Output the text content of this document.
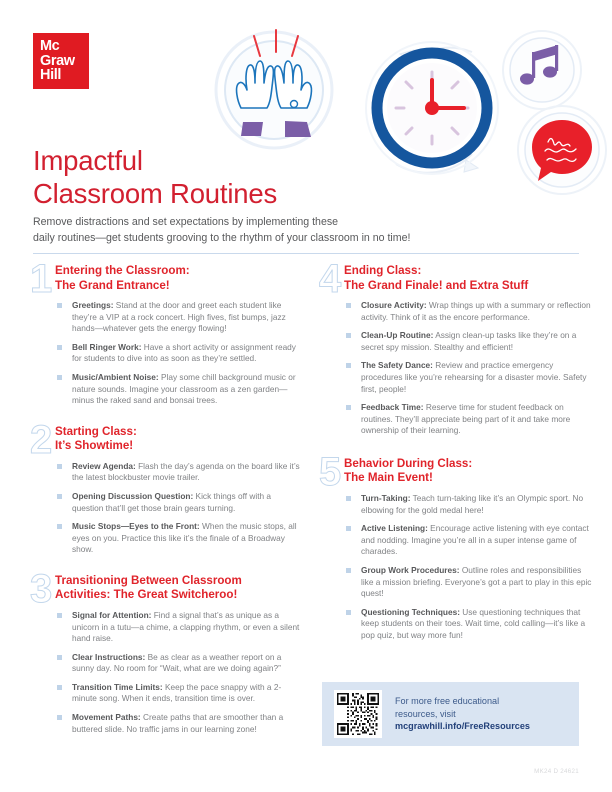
Mc
Graw
Hill
Impactful
Classroom Routines

Remove distractions and set expectations by implementing these
daily routines—get students grooving to the rhythm of your classroom in no time!

1 Entering the Classroom:
The Grand Entrance!
Greetings: Stand at the door and greet each student like they’re a VIP at a rock concert. High fives, fist bumps, jazz hands—whatever gets the energy flowing!
Bell Ringer Work: Have a short activity or assignment ready for students to dive into as soon as they’re settled.
Music/Ambient Noise: Play some chill background music or nature sounds. Imagine your classroom as a zen garden—minus the raked sand and bonsai trees.
2 Starting Class:
It’s Showtime!
Review Agenda: Flash the day’s agenda on the board like it’s the latest blockbuster movie trailer.
Opening Discussion Question: Kick things off with a question that’ll get those brain gears turning.
Music Stops—Eyes to the Front: When the music stops, all eyes on you. Practice this like it’s the finale of a Broadway show.
3 Transitioning Between Classroom
Activities: The Great Switcheroo!
Signal for Attention: Find a signal that’s as unique as a unicorn in a tutu—a chime, a clapping rhythm, or even a silent hand raise.
Clear Instructions: Be as clear as a weather report on a sunny day. No room for “Wait, what are we doing again?”
Transition Time Limits: Keep the pace snappy with a 2-minute song. When it ends, transition time is over.
Movement Paths: Create paths that are smoother than a buttered slide. No traffic jams in our learning zone!
4 Ending Class:
The Grand Finale! and Extra Stuff
Closure Activity: Wrap things up with a summary or reflection activity. Think of it as the encore performance.
Clean-Up Routine: Assign clean-up tasks like they’re on a secret spy mission. Stealthy and efficient!
The Safety Dance: Review and practice emergency procedures like you’re rehearsing for a disaster movie. Safety first, people!
Feedback Time: Reserve time for student feedback on routines. They’ll appreciate being part of it and take more ownership of their learning.
5 Behavior During Class:
The Main Event!
Turn-Taking: Teach turn-taking like it’s an Olympic sport. No elbowing for the gold medal here!
Active Listening: Encourage active listening with eye contact and nodding. Imagine you’re all in a super intense game of charades.
Group Work Procedures: Outline roles and responsibilities like a mission briefing. Everyone’s got a part to play in this epic quest!
Questioning Techniques: Use questioning techniques that keep students on their toes. Wait time, cold calling—it’s like a pop quiz, but way more fun!
For more free educational
resources, visit
mcgrawhill.info/FreeResources
MK24 D 24621
